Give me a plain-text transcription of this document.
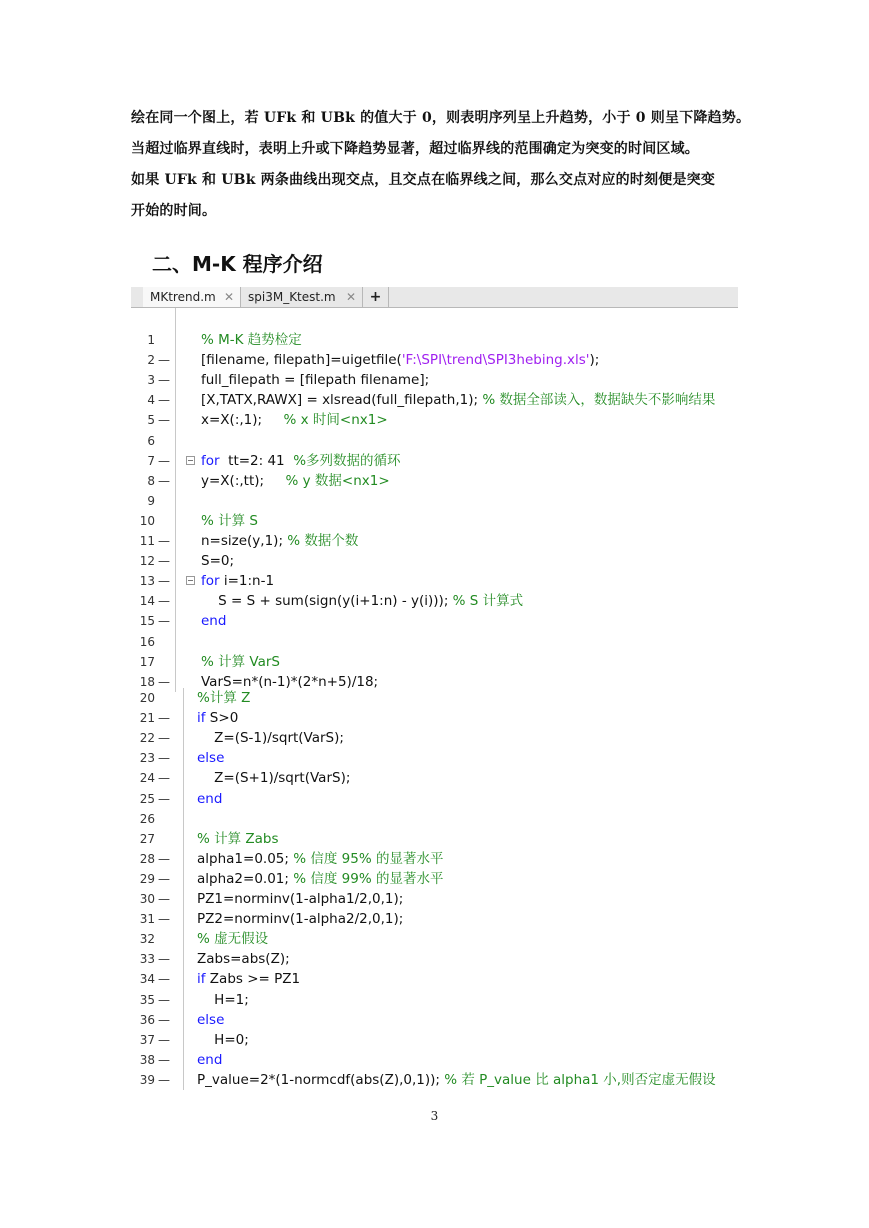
绘在同一个图上，若 UFk 和 UBk 的值大于 0，则表明序列呈上升趋势，小于 0 则呈下降趋势。

当超过临界直线时，表明上升或下降趋势显著，超过临界线的范围确定为突变的时间区域。

如果 UFk 和 UBk 两条曲线出现交点，且交点在临界线之间，那么交点对应的时刻便是突变

开始的时间。

二、M-K 程序介绍
MKtrend.m ✕	spi3M_Ktest.m ✕ +
1	% M-K 趋势检定
2 — [filename, filepath]=uigetfile('F:\SPI\trend\SPI3hebing.xls');
3 — full_filepath = [filepath filename];
4 — [X,TATX,RAWX] = xlsread(full_filepath,1); % 数据全部读入，数据缺失不影响结果
5 — x=X(:,1);     % x 时间<nx1>
6
7 — for  tt=2: 41  %多列数据的循环
8 — y=X(:,tt);     % y 数据<nx1>
9
10	% 计算 S
11 — n=size(y,1); % 数据个数
12 — S=0;
13 — for i=1:n-1
14 — S = S + sum(sign(y(i+1:n) - y(i))); % S 计算式
15 — end
16
17	% 计算 VarS
18 — VarS=n*(n-1)*(2*n+5)/18;
20	%计算 Z
21 — if S>0
22 — Z=(S-1)/sqrt(VarS);
23 — else
24 — Z=(S+1)/sqrt(VarS);
25 — end
26
27	% 计算 Zabs
28 — alpha1=0.05; % 信度 95% 的显著水平
29 — alpha2=0.01; % 信度 99% 的显著水平
30 — PZ1=norminv(1-alpha1/2,0,1);
31 — PZ2=norminv(1-alpha2/2,0,1);
32	% 虚无假设
33 — Zabs=abs(Z);
34 — if Zabs >= PZ1
35 — H=1;
36 — else
37 — H=0;
38 — end
39 — P_value=2*(1-normcdf(abs(Z),0,1)); % 若 P_value 比 alpha1 小,则否定虚无假设
3
